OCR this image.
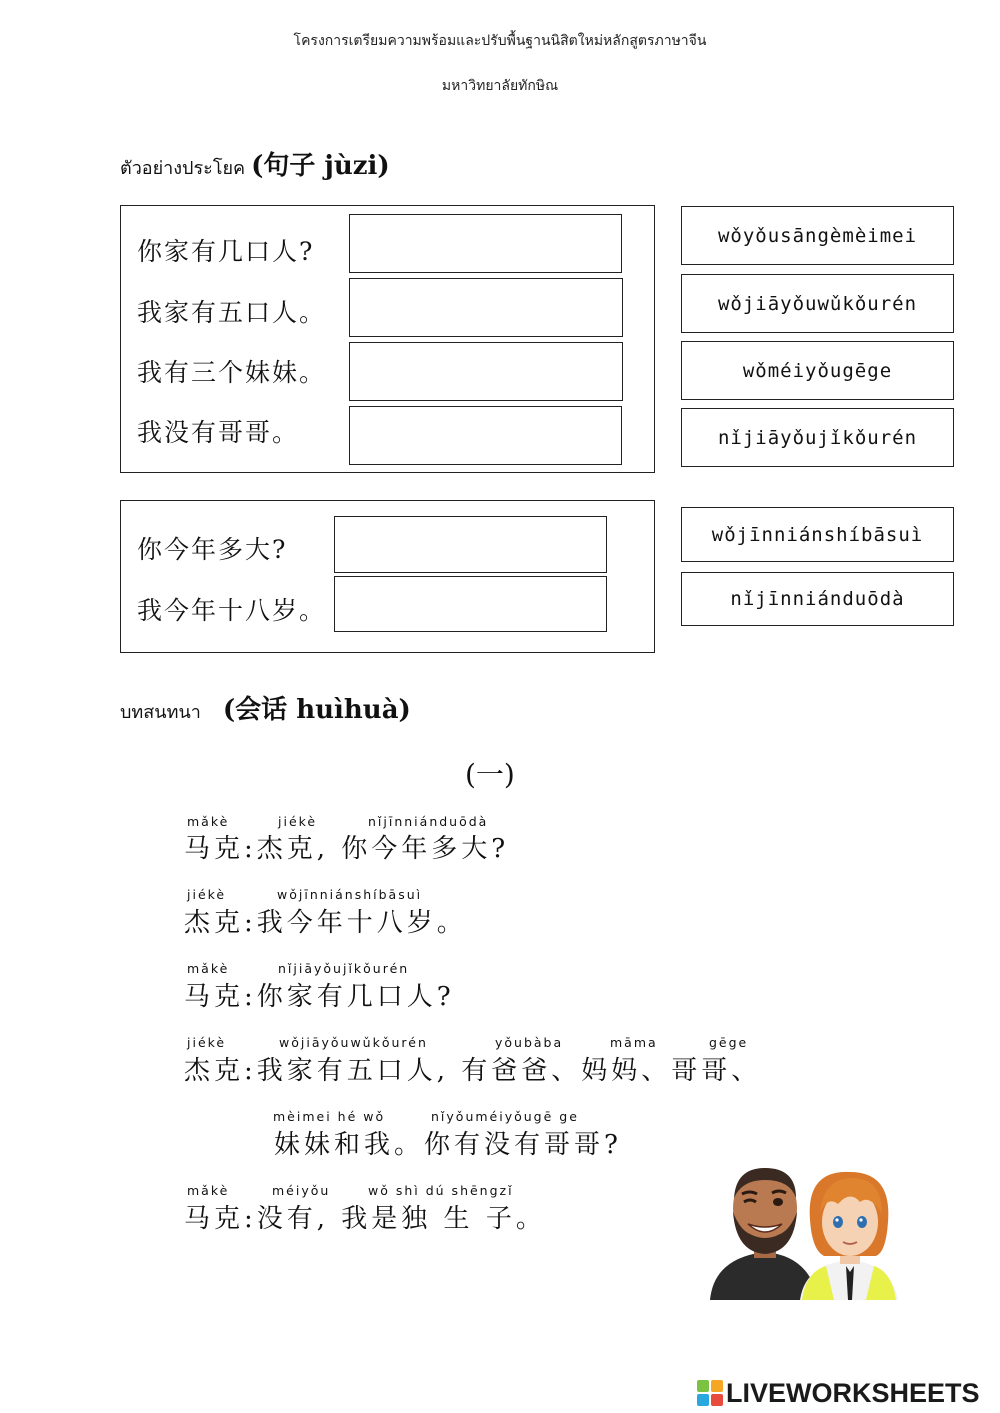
โครงการเตรียมความพร้อมและปรับพื้นฐานนิสิตใหม่หลักสูตรภาษาจีน
มหาวิทยาลัยทักษิณ
ตัวอย่างประโยค (句子 jùzi)
你家有几口人?
我家有五口人。
我有三个妹妹。
我没有哥哥。
wǒyǒusāngèmèimei
wǒjiāyǒuwǔkǒurén
wǒméiyǒugēge
nǐjiāyǒujǐkǒurén
你今年多大?
我今年十八岁。
wǒjīnniánshíbāsuì
nǐjīnniánduōdà
บทสนทนา (会话 huìhuà)
(一)
mǎkè	jiékè	nǐjīnniánduōdà
马克:杰克, 你今年多大?
jiékè	wǒjīnniánshíbāsuì
杰克:我今年十八岁。
mǎkè	nǐjiāyǒujǐkǒurén
马克:你家有几口人?
jiékè	wǒjiāyǒuwǔkǒurén	yǒubàba	māma	gēge
杰克:我家有五口人, 有爸爸、妈妈、哥哥、
mèimei hé wǒ	nǐyǒuméiyǒugē ge
妹妹和我。你有没有哥哥?
mǎkè	méiyǒu	wǒ shì dú shēngzǐ
马克:没有, 我是独 生 子。
LIVEWORKSHEETS
